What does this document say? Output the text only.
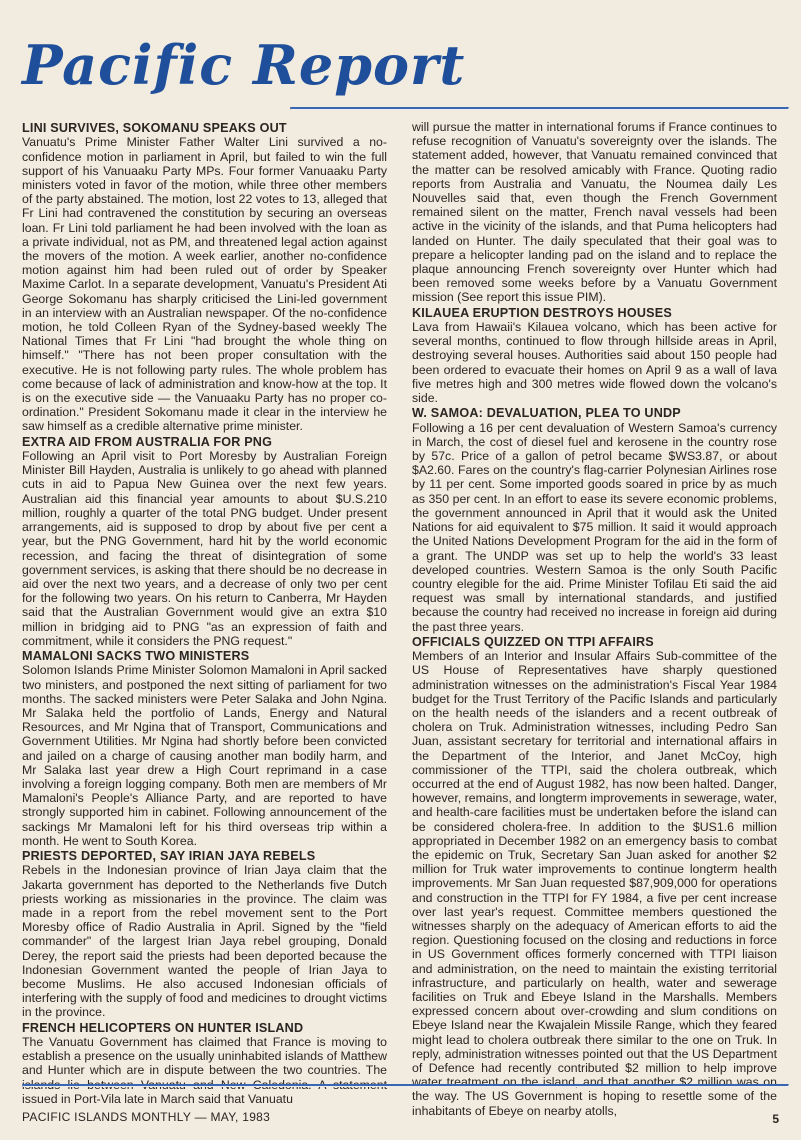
Pacific Report
LINI SURVIVES, SOKOMANU SPEAKS OUT

Vanuatu's Prime Minister Father Walter Lini survived a no-confidence motion in parliament in April, but failed to win the full support of his Vanuaaku Party MPs. Four former Vanuaaku Party ministers voted in favor of the motion, while three other members of the party abstained. The motion, lost 22 votes to 13, alleged that Fr Lini had contravened the constitution by securing an overseas loan. Fr Lini told parliament he had been involved with the loan as a private individual, not as PM, and threatened legal action against the movers of the motion. A week earlier, another no-confidence motion against him had been ruled out of order by Speaker Maxime Carlot. In a separate development, Vanuatu's President Ati George Sokomanu has sharply criticised the Lini-led government in an interview with an Australian newspaper. Of the no-confidence motion, he told Colleen Ryan of the Sydney-based weekly The National Times that Fr Lini "had brought the whole thing on himself." "There has not been proper consultation with the executive. He is not following party rules. The whole problem has come because of lack of administration and know-how at the top. It is on the executive side — the Vanuaaku Party has no proper co-ordination." President Sokomanu made it clear in the interview he saw himself as a credible alternative prime minister.

EXTRA AID FROM AUSTRALIA FOR PNG

Following an April visit to Port Moresby by Australian Foreign Minister Bill Hayden, Australia is unlikely to go ahead with planned cuts in aid to Papua New Guinea over the next few years. Australian aid this financial year amounts to about $U.S.210 million, roughly a quarter of the total PNG budget. Under present arrangements, aid is supposed to drop by about five per cent a year, but the PNG Government, hard hit by the world economic recession, and facing the threat of disintegration of some government services, is asking that there should be no decrease in aid over the next two years, and a decrease of only two per cent for the following two years. On his return to Canberra, Mr Hayden said that the Australian Government would give an extra $10 million in bridging aid to PNG "as an expression of faith and commitment, while it considers the PNG request."

MAMALONI SACKS TWO MINISTERS

Solomon Islands Prime Minister Solomon Mamaloni in April sacked two ministers, and postponed the next sitting of parliament for two months. The sacked ministers were Peter Salaka and John Ngina. Mr Salaka held the portfolio of Lands, Energy and Natural Resources, and Mr Ngina that of Transport, Communications and Government Utilities. Mr Ngina had shortly before been convicted and jailed on a charge of causing another man bodily harm, and Mr Salaka last year drew a High Court reprimand in a case involving a foreign logging company. Both men are members of Mr Mamaloni's People's Alliance Party, and are reported to have strongly supported him in cabinet. Following announcement of the sackings Mr Mamaloni left for his third overseas trip within a month. He went to South Korea.

PRIESTS DEPORTED, SAY IRIAN JAYA REBELS

Rebels in the Indonesian province of Irian Jaya claim that the Jakarta government has deported to the Netherlands five Dutch priests working as missionaries in the province. The claim was made in a report from the rebel movement sent to the Port Moresby office of Radio Australia in April. Signed by the "field commander" of the largest Irian Jaya rebel grouping, Donald Derey, the report said the priests had been deported because the Indonesian Government wanted the people of Irian Jaya to become Muslims. He also accused Indonesian officials of interfering with the supply of food and medicines to drought victims in the province.

FRENCH HELICOPTERS ON HUNTER ISLAND

The Vanuatu Government has claimed that France is moving to establish a presence on the usually uninhabited islands of Matthew and Hunter which are in dispute between the two countries. The islands lie between Vanuatu and New Caledonia. A statement issued in Port-Vila late in March said that Vanuatu

will pursue the matter in international forums if France continues to refuse recognition of Vanuatu's sovereignty over the islands. The statement added, however, that Vanuatu remained convinced that the matter can be resolved amicably with France. Quoting radio reports from Australia and Vanuatu, the Noumea daily Les Nouvelles said that, even though the French Government remained silent on the matter, French naval vessels had been active in the vicinity of the islands, and that Puma helicopters had landed on Hunter. The daily speculated that their goal was to prepare a helicopter landing pad on the island and to replace the plaque announcing French sovereignty over Hunter which had been removed some weeks before by a Vanuatu Government mission (See report this issue PIM).

KILAUEA ERUPTION DESTROYS HOUSES

Lava from Hawaii's Kilauea volcano, which has been active for several months, continued to flow through hillside areas in April, destroying several houses. Authorities said about 150 people had been ordered to evacuate their homes on April 9 as a wall of lava five metres high and 300 metres wide flowed down the volcano's side.

W. SAMOA: DEVALUATION, PLEA TO UNDP

Following a 16 per cent devaluation of Western Samoa's currency in March, the cost of diesel fuel and kerosene in the country rose by 57c. Price of a gallon of petrol became $WS3.87, or about $A2.60. Fares on the country's flag-carrier Polynesian Airlines rose by 11 per cent. Some imported goods soared in price by as much as 350 per cent. In an effort to ease its severe economic problems, the government announced in April that it would ask the United Nations for aid equivalent to $75 million. It said it would approach the United Nations Development Program for the aid in the form of a grant. The UNDP was set up to help the world's 33 least developed countries. Western Samoa is the only South Pacific country elegible for the aid. Prime Minister Tofilau Eti said the aid request was small by international standards, and justified because the country had received no increase in foreign aid during the past three years.

OFFICIALS QUIZZED ON TTPI AFFAIRS

Members of an Interior and Insular Affairs Sub-committee of the US House of Representatives have sharply questioned administration witnesses on the administration's Fiscal Year 1984 budget for the Trust Territory of the Pacific Islands and particularly on the health needs of the islanders and a recent outbreak of cholera on Truk. Administration witnesses, including Pedro San Juan, assistant secretary for territorial and international affairs in the Department of the Interior, and Janet McCoy, high commissioner of the TTPI, said the cholera outbreak, which occurred at the end of August 1982, has now been halted. Danger, however, remains, and longterm improvements in sewerage, water, and health-care facilities must be undertaken before the island can be considered cholera-free. In addition to the $US1.6 million appropriated in December 1982 on an emergency basis to combat the epidemic on Truk, Secretary San Juan asked for another $2 million for Truk water improvements to continue longterm health improvements. Mr San Juan requested $87,909,000 for operations and construction in the TTPI for FY 1984, a five per cent increase over last year's request. Committee members questioned the witnesses sharply on the adequacy of American efforts to aid the region. Questioning focused on the closing and reductions in force in US Government offices formerly concerned with TTPI liaison and administration, on the need to maintain the existing territorial infrastructure, and particularly on health, water and sewerage facilities on Truk and Ebeye Island in the Marshalls. Members expressed concern about over-crowding and slum conditions on Ebeye Island near the Kwajalein Missile Range, which they feared might lead to cholera outbreak there similar to the one on Truk. In reply, administration witnesses pointed out that the US Department of Defence had recently contributed $2 million to help improve water treatment on the island, and that another $2 million was on the way. The US Government is hoping to resettle some of the inhabitants of Ebeye on nearby atolls,

PACIFIC ISLANDS MONTHLY — MAY, 1983	5
